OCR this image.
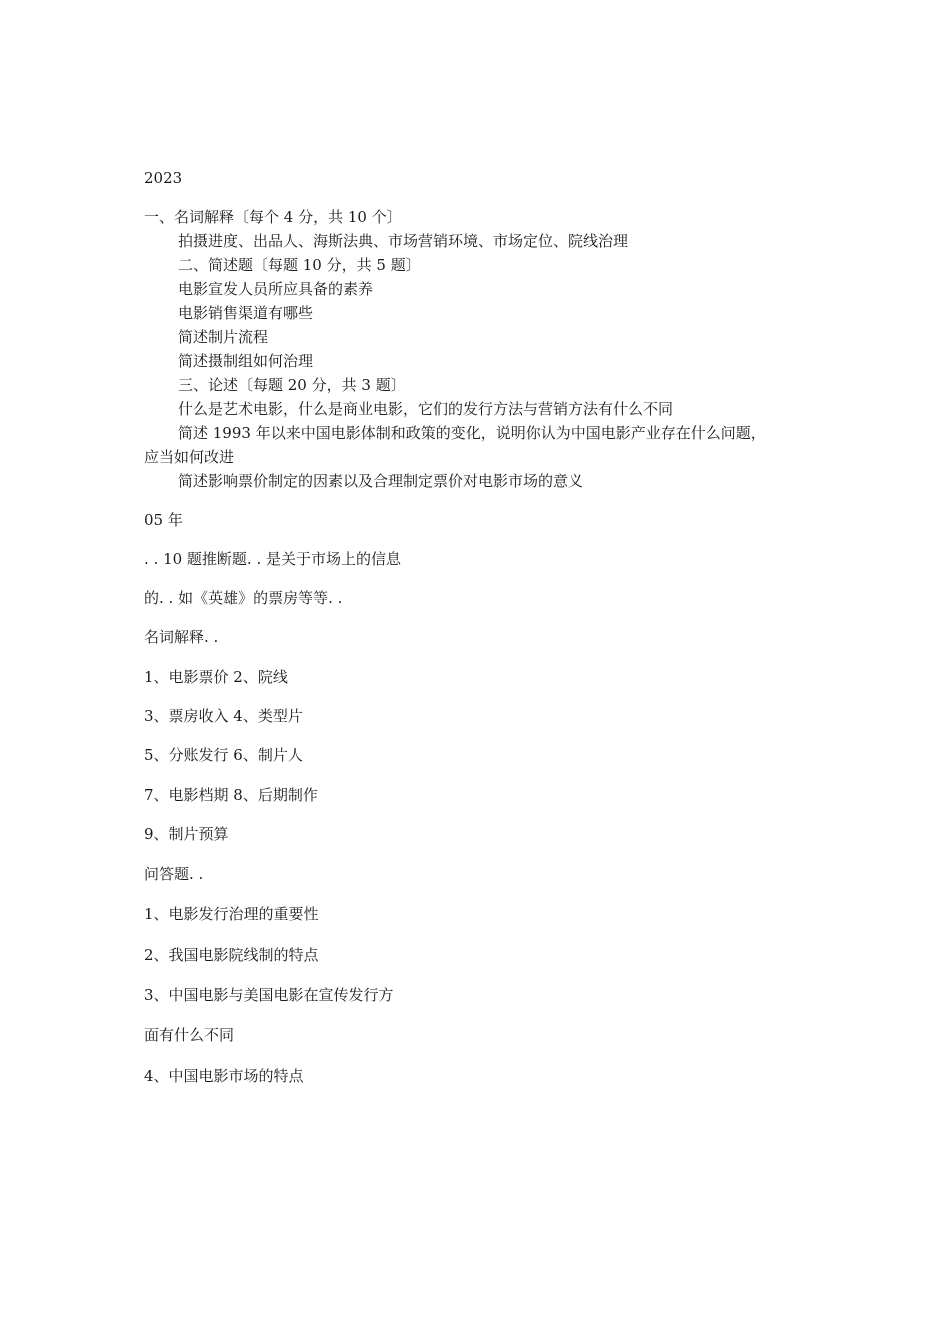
2023
一、名词解释〔每个 4 分，共 10 个〕
拍摄进度、出品人、海斯法典、市场营销环境、市场定位、院线治理
二、简述题〔每题 10 分，共 5 题〕
电影宣发人员所应具备的素养
电影销售渠道有哪些
简述制片流程
简述摄制组如何治理
三、论述〔每题 20 分，共 3 题〕
什么是艺术电影，什么是商业电影，它们的发行方法与营销方法有什么不同
简述 1993 年以来中国电影体制和政策的变化，说明你认为中国电影产业存在什么问题，
应当如何改进
简述影响票价制定的因素以及合理制定票价对电影市场的意义
05 年
. . 10 题推断题. . 是关于市场上的信息
的. . 如《英雄》的票房等等. .
名词解释. .
1、电影票价 2、院线
3、票房收入 4、类型片
5、分账发行 6、制片人
7、电影档期 8、后期制作
9、制片预算
问答题. .
1、电影发行治理的重要性
2、我国电影院线制的特点
3、中国电影与美国电影在宣传发行方
面有什么不同
4、中国电影市场的特点
